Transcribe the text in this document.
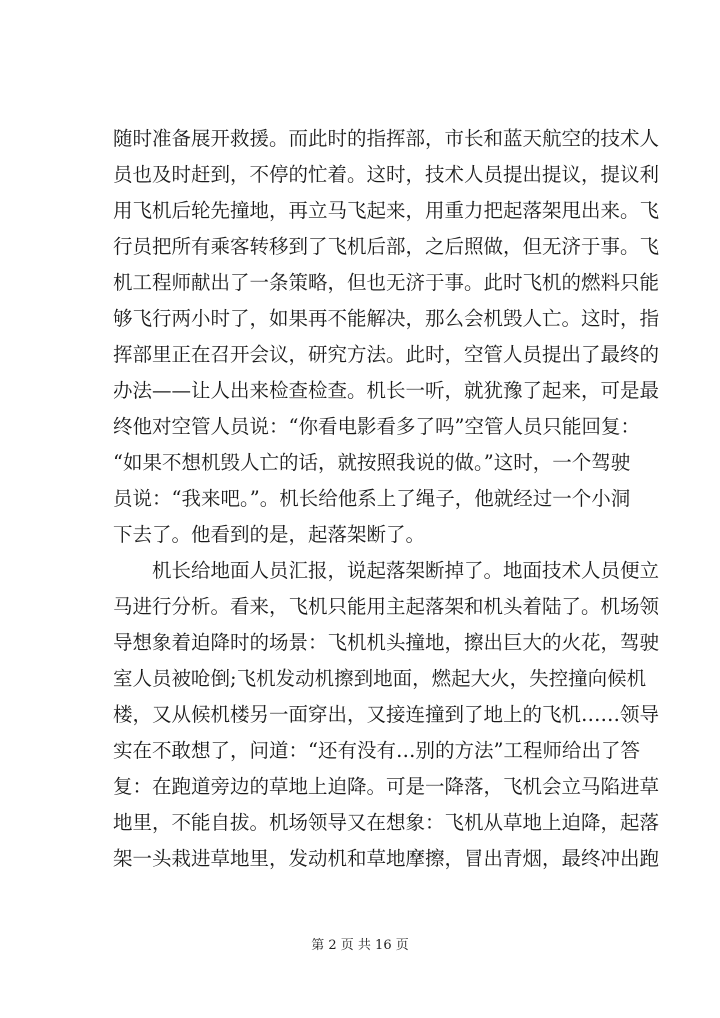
随时准备展开救援。而此时的指挥部，市长和蓝天航空的技术人
员也及时赶到，不停的忙着。这时，技术人员提出提议，提议利
用飞机后轮先撞地，再立马飞起来，用重力把起落架甩出来。飞
行员把所有乘客转移到了飞机后部，之后照做，但无济于事。飞
机工程师献出了一条策略，但也无济于事。此时飞机的燃料只能
够飞行两小时了，如果再不能解决，那么会机毁人亡。这时，指
挥部里正在召开会议，研究方法。此时，空管人员提出了最终的
办法——让人出来检查检查。机长一听，就犹豫了起来，可是最
终他对空管人员说：“你看电影看多了吗”空管人员只能回复：
“如果不想机毁人亡的话，就按照我说的做。”这时，一个驾驶
员说：“我来吧。”。机长给他系上了绳子，他就经过一个小洞
下去了。他看到的是，起落架断了。
机长给地面人员汇报，说起落架断掉了。地面技术人员便立
马进行分析。看来，飞机只能用主起落架和机头着陆了。机场领
导想象着迫降时的场景：飞机机头撞地，擦出巨大的火花，驾驶
室人员被呛倒;飞机发动机擦到地面，燃起大火，失控撞向候机
楼，又从候机楼另一面穿出，又接连撞到了地上的飞机……领导
实在不敢想了，问道：“还有没有…别的方法”工程师给出了答
复：在跑道旁边的草地上迫降。可是一降落，飞机会立马陷进草
地里，不能自拔。机场领导又在想象：飞机从草地上迫降，起落
架一头栽进草地里，发动机和草地摩擦，冒出青烟，最终冲出跑
第 2 页 共 16 页
